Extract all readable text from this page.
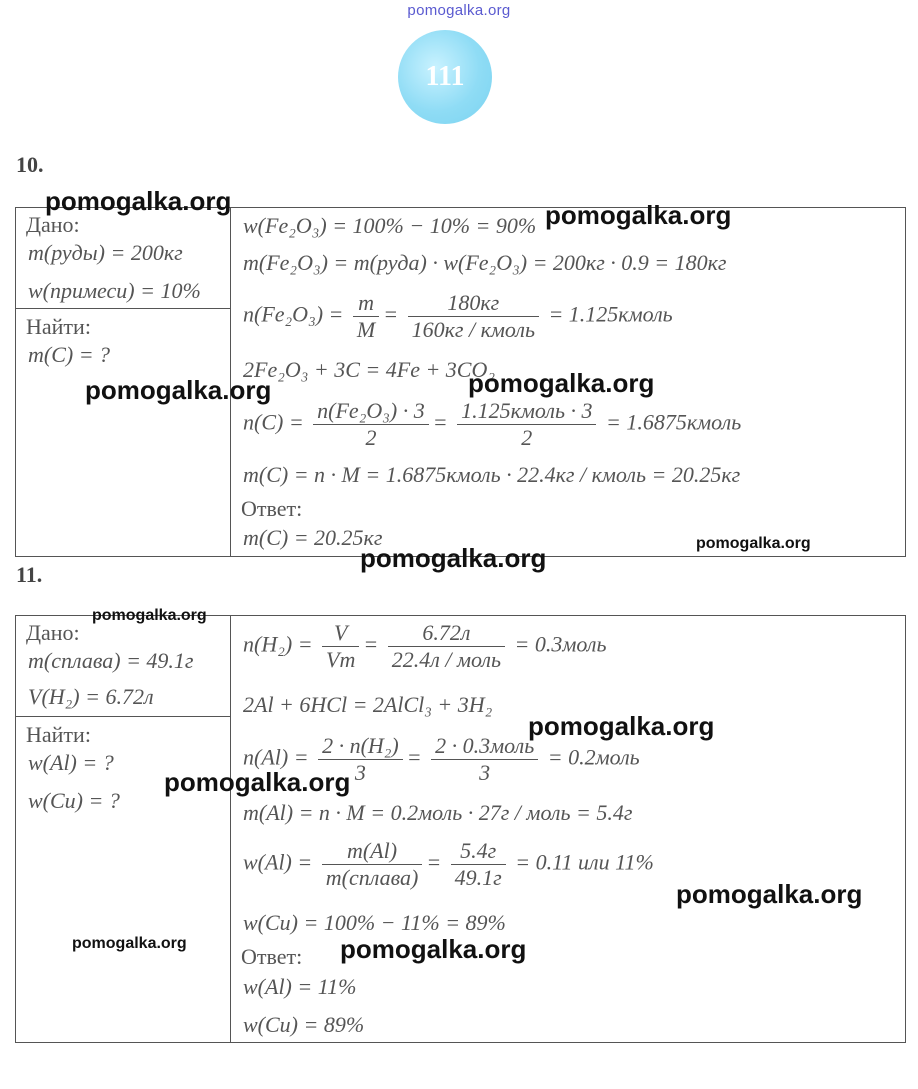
pomogalka.org
111
10.

Дано:
m(руды) = 200кг
w(примеси) = 10%
Найти:
m(C) = ?
w(Fe₂O₃) = 100% − 10% = 90%
m(Fe₂O₃) = m(руда) · w(Fe₂O₃) = 200кг · 0.9 = 180кг
$n(Fe_2O_3) = \frac{m}{M} = \frac{180кг}{\text{160кг / кмоль}}$ = 1.125кмоль
2Fe₂O₃ + 3C = 4Fe + 3CO₂
$n(C) = \frac{\text{n(Fe₂O₃) · 3}}{2} = \frac{\text{1.125кмоль · 3}}{2}$ = 1.6875кмоль
m(C) = n · M = 1.6875кмоль · 22.4кг / кмоль = 20.25кг
Ответ:
m(C) = 20.25кг
11.

Дано:
m(сплава) = 49.1г
V(H₂) = 6.72л
Найти:
w(Al) = ?
w(Cu) = ?
$n(H_2) = \frac{V}{Vm} = \frac{6.72л}{\text{22.4л / моль}}$ = 0.3моль
2Al + 6HCl = 2AlCl₃ + 3H₂
$n(Al) = \frac{\text{2 · n(H₂)}}{3} = \frac{\text{2 · 0.3моль}}{3}$ = 0.2моль
m(Al) = n · M = 0.2моль · 27г / моль = 5.4г
$w(Al) = \frac{m(Al)}{\text{m(сплава)}} = \frac{5.4г}{49.1г} = 0.11$ или 11%
w(Cu) = 100% − 11% = 89%
Ответ:
w(Al) = 11%
w(Cu) = 89%
pomogalka.org	pomogalka.org
pomogalka.org	pomogalka.org
pomogalka.org	pomogalka.org
pomogalka.org
pomogalka.org
pomogalka.org
pomogalka.org
pomogalka.org	pomogalka.org
